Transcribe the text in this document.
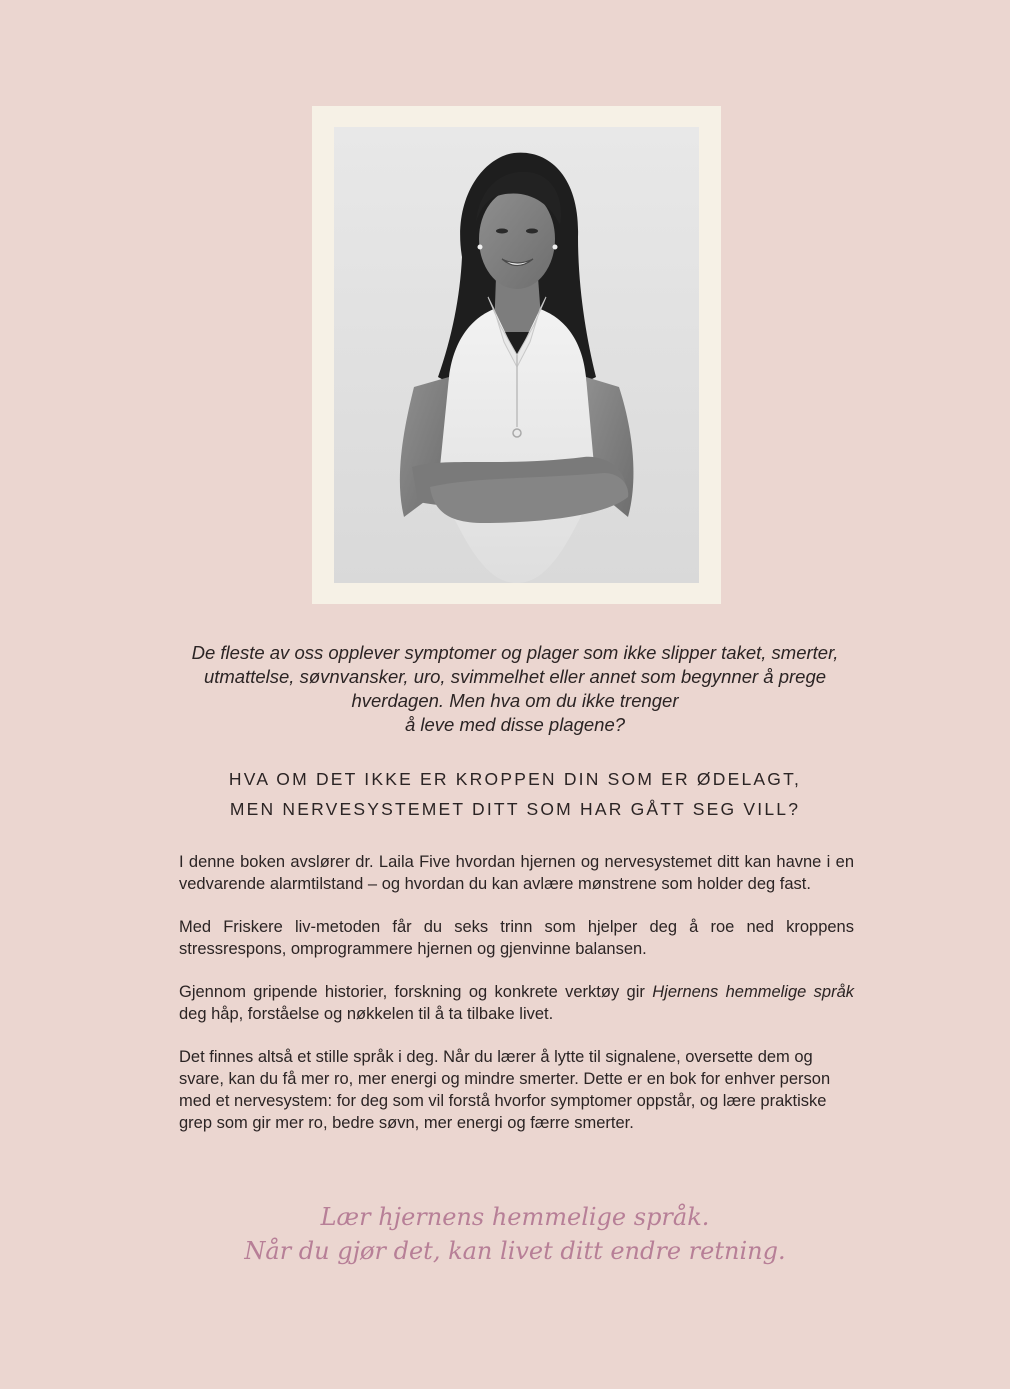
De fleste av oss opplever symptomer og plager som ikke slipper taket, smerter,

utmattelse, søvnvansker, uro, svimmelhet eller annet som begynner å prege

hverdagen. Men hva om du ikke trenger

å leve med disse plagene?

HVA OM DET IKKE ER KROPPEN DIN SOM ER ØDELAGT,

MEN NERVESYSTEMET DITT SOM HAR GÅTT SEG VILL?

I denne boken avslører dr. Laila Five hvordan hjernen og nervesystemet ditt kan havne i en vedvarende alarmtilstand – og hvordan du kan avlære mønstrene som holder deg fast.

Med Friskere liv-metoden får du seks trinn som hjelper deg å roe ned kroppens stressrespons, omprogrammere hjernen og gjenvinne balansen.

Gjennom gripende historier, forskning og konkrete verktøy gir Hjernens hemmelige språk deg håp, forståelse og nøkkelen til å ta tilbake livet.

Det finnes altså et stille språk i deg. Når du lærer å lytte til signalene, oversette dem og svare, kan du få mer ro, mer energi og mindre smerter. Dette er en bok for enhver person med et nervesystem: for deg som vil forstå hvorfor symptomer oppstår, og lære praktiske grep som gir mer ro, bedre søvn, mer energi og færre smerter.

Lær hjernens hemmelige språk.

Når du gjør det, kan livet ditt endre retning.
